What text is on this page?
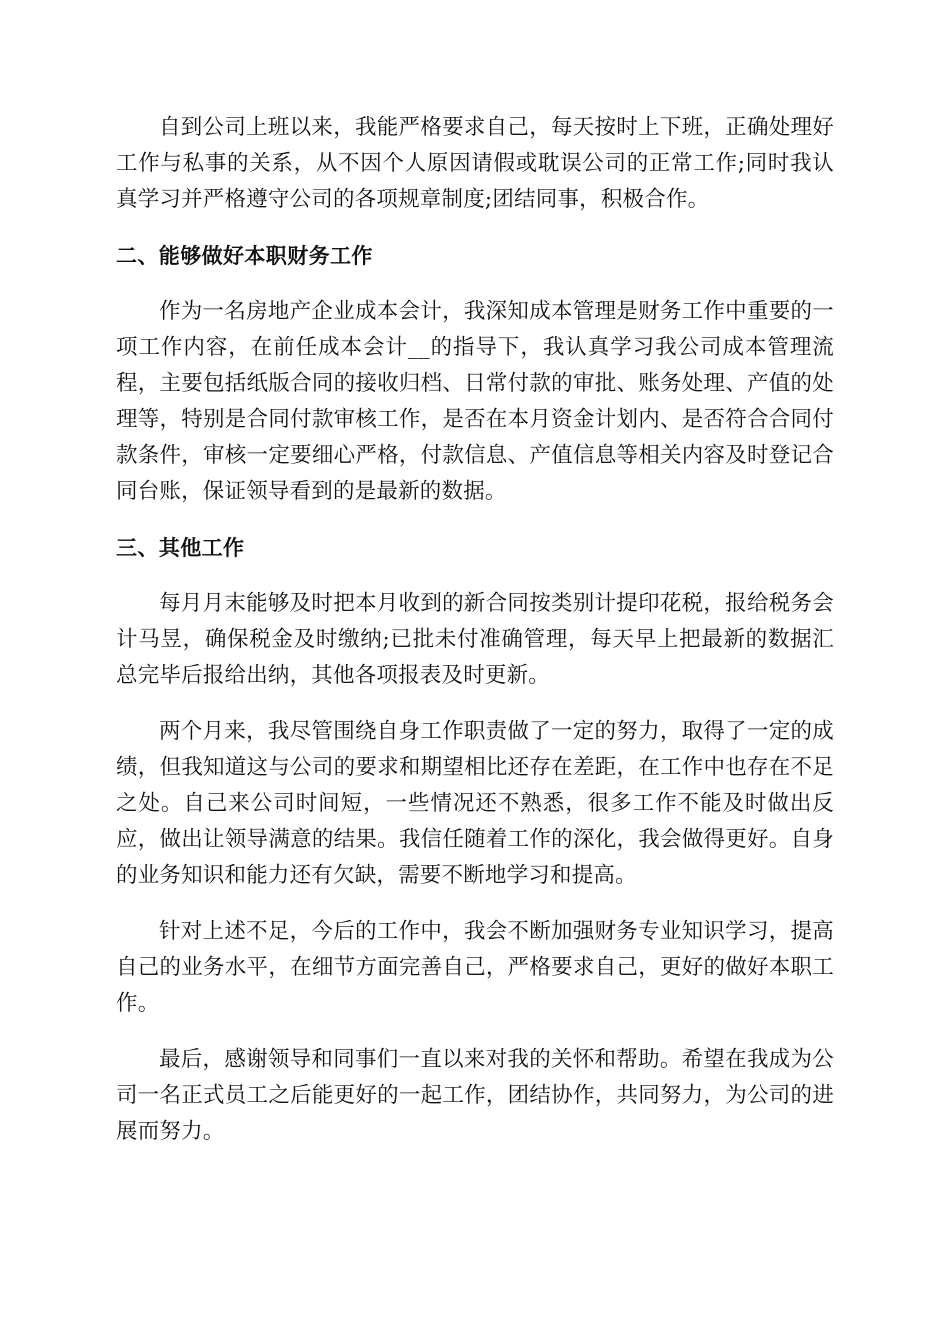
自到公司上班以来，我能严格要求自己，每天按时上下班，正确处理好工作与私事的关系，从不因个人原因请假或耽误公司的正常工作;同时我认真学习并严格遵守公司的各项规章制度;团结同事，积极合作。

二、能够做好本职财务工作

作为一名房地产企业成本会计，我深知成本管理是财务工作中重要的一项工作内容，在前任成本会计__的指导下，我认真学习我公司成本管理流程，主要包括纸版合同的接收归档、日常付款的审批、账务处理、产值的处理等，特别是合同付款审核工作，是否在本月资金计划内、是否符合合同付款条件，审核一定要细心严格，付款信息、产值信息等相关内容及时登记合同台账，保证领导看到的是最新的数据。

三、其他工作

每月月末能够及时把本月收到的新合同按类别计提印花税，报给税务会计马昱，确保税金及时缴纳;已批未付准确管理，每天早上把最新的数据汇总完毕后报给出纳，其他各项报表及时更新。

两个月来，我尽管围绕自身工作职责做了一定的努力，取得了一定的成绩，但我知道这与公司的要求和期望相比还存在差距，在工作中也存在不足之处。自己来公司时间短，一些情况还不熟悉，很多工作不能及时做出反应，做出让领导满意的结果。我信任随着工作的深化，我会做得更好。自身的业务知识和能力还有欠缺，需要不断地学习和提高。

针对上述不足，今后的工作中，我会不断加强财务专业知识学习，提高自己的业务水平，在细节方面完善自己，严格要求自己，更好的做好本职工作。

最后，感谢领导和同事们一直以来对我的关怀和帮助。希望在我成为公司一名正式员工之后能更好的一起工作，团结协作，共同努力，为公司的进展而努力。
